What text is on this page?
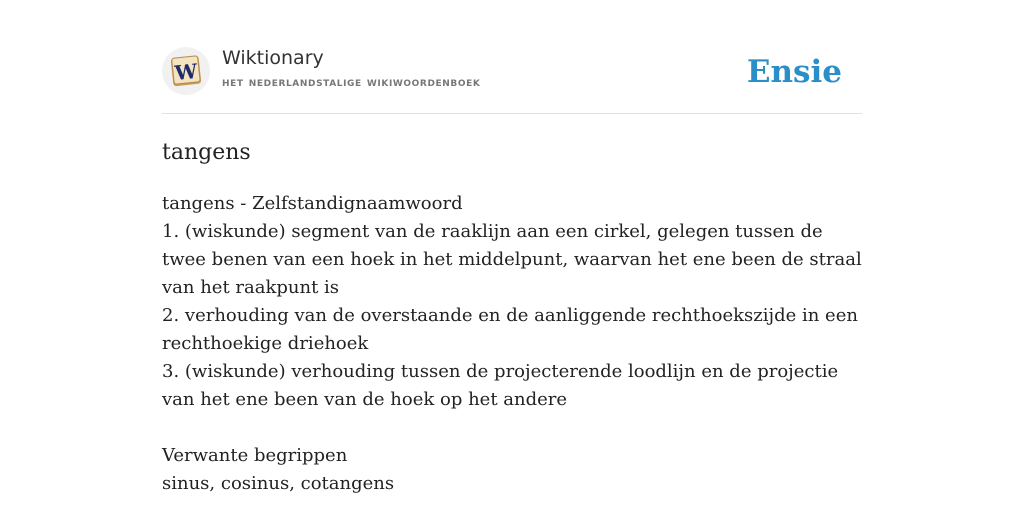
W
Wiktionary
het nederlandstalige wikiwoordenboek	Ensie
tangens

tangens - Zelfstandignaamwoord

1. (wiskunde) segment van de raaklijn aan een cirkel, gelegen tussen de twee benen van een hoek in het middelpunt, waarvan het ene been de straal van het raakpunt is

2. verhouding van de overstaande en de aanliggende rechthoekszijde in een rechthoekige driehoek

3. (wiskunde) verhouding tussen de projecterende loodlijn en de projectie van het ene been van de hoek op het andere

Verwante begrippen

sinus, cosinus, cotangens
